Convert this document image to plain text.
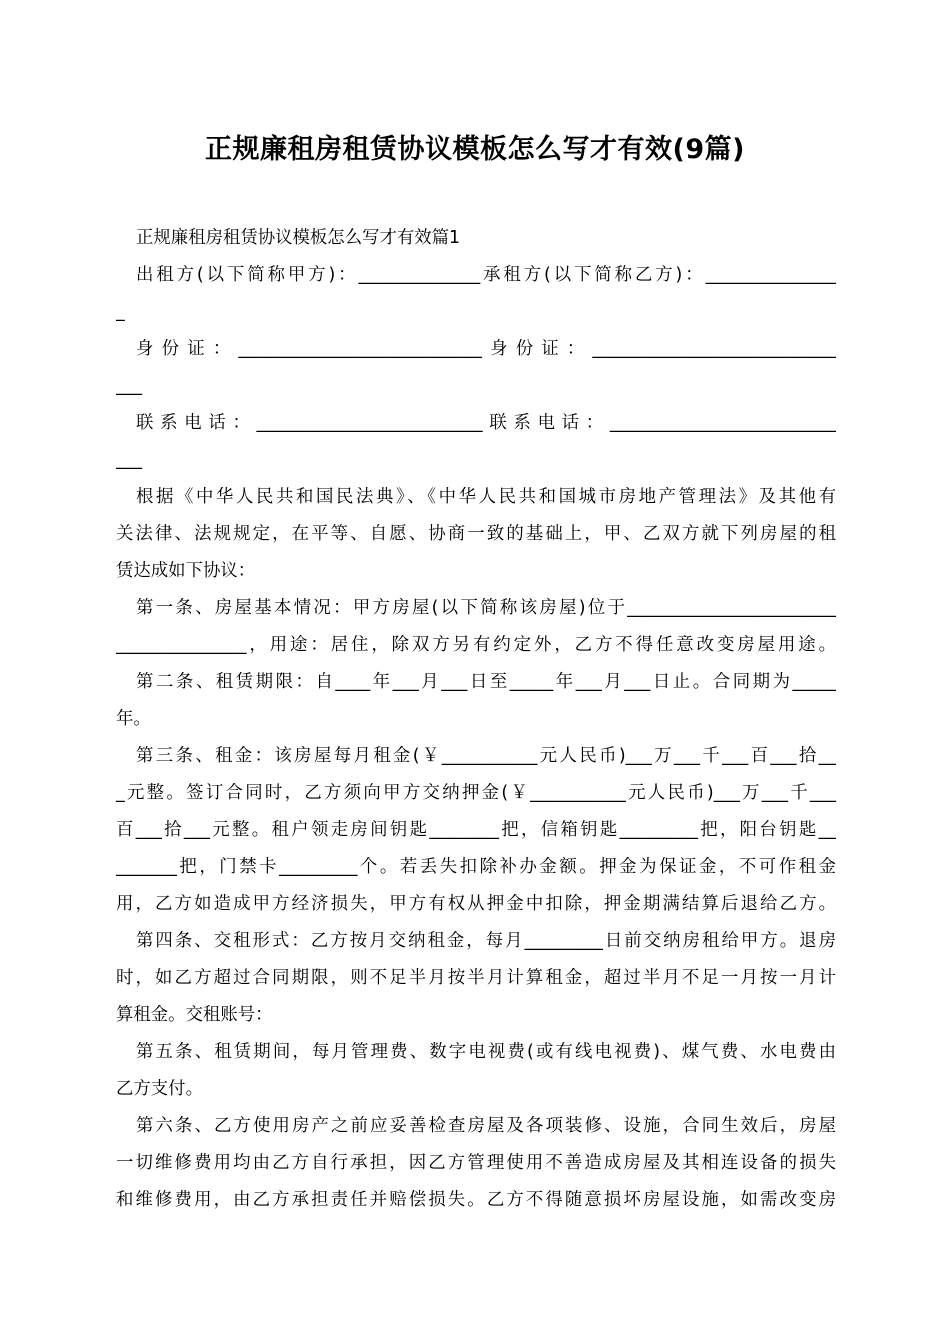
正规廉租房租赁协议模板怎么写才有效(9篇)
正规廉租房租赁协议模板怎么写才有效篇1
出租方(以下简称甲方)：______________承租方(以下简称乙方)：_______________
_
身份证：____________________________身份证：____________________________
___
联系电话：__________________________联系电话：__________________________
___
根据《中华人民共和国民法典》、《中华人民共和国城市房地产管理法》及其他有
关法律、法规规定，在平等、自愿、协商一致的基础上，甲、乙双方就下列房屋的租
赁达成如下协议：
第一条、房屋基本情况：甲方房屋(以下简称该房屋)位于________________________
_______________，用途：居住，除双方另有约定外，乙方不得任意改变房屋用途。
第二条、租赁期限：自____年___月___日至_____年___月___日止。合同期为_____
年。
第三条、租金：该房屋每月租金(￥___________元人民币)___万___千___百___拾__
_元整。签订合同时，乙方须向甲方交纳押金(￥___________元人民币)___万___千___
百___拾___元整。租户领走房间钥匙________把，信箱钥匙_________把，阳台钥匙__
_______把，门禁卡_________个。若丢失扣除补办金额。押金为保证金，不可作租金
用，乙方如造成甲方经济损失，甲方有权从押金中扣除，押金期满结算后退给乙方。
第四条、交租形式：乙方按月交纳租金，每月_________日前交纳房租给甲方。退房
时，如乙方超过合同期限，则不足半月按半月计算租金，超过半月不足一月按一月计
算租金。交租账号：
第五条、租赁期间，每月管理费、数字电视费(或有线电视费)、煤气费、水电费由
乙方支付。
第六条、乙方使用房产之前应妥善检查房屋及各项装修、设施，合同生效后，房屋
一切维修费用均由乙方自行承担，因乙方管理使用不善造成房屋及其相连设备的损失
和维修费用，由乙方承担责任并赔偿损失。乙方不得随意损坏房屋设施，如需改变房
